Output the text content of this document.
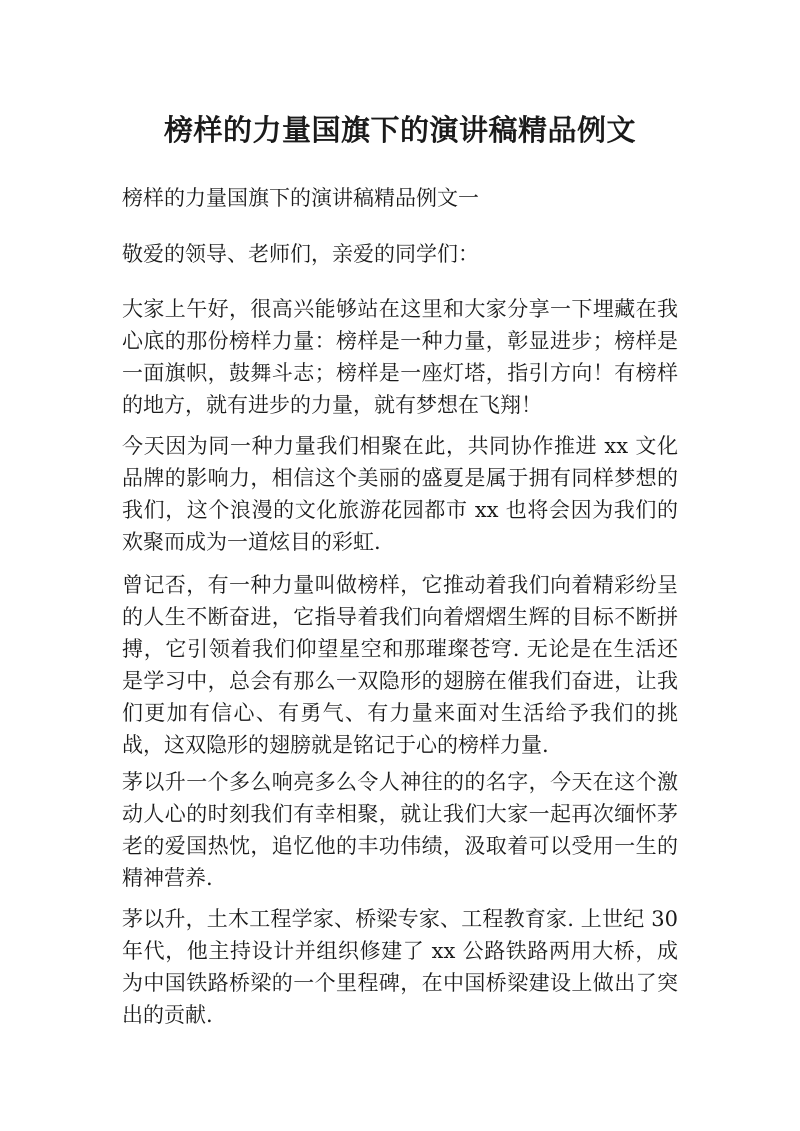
榜样的力量国旗下的演讲稿精品例文
榜样的力量国旗下的演讲稿精品例文一
敬爱的领导、老师们，亲爱的同学们：
大家上午好，很高兴能够站在这里和大家分享一下埋藏在我心底的那份榜样力量：榜样是一种力量，彰显进步；榜样是一面旗帜，鼓舞斗志；榜样是一座灯塔，指引方向！有榜样的地方，就有进步的力量，就有梦想在飞翔！
今天因为同一种力量我们相聚在此，共同协作推进 xx 文化品牌的影响力，相信这个美丽的盛夏是属于拥有同样梦想的我们，这个浪漫的文化旅游花园都市 xx 也将会因为我们的欢聚而成为一道炫目的彩虹.
曾记否，有一种力量叫做榜样，它推动着我们向着精彩纷呈的人生不断奋进，它指导着我们向着熠熠生辉的目标不断拼搏，它引领着我们仰望星空和那璀璨苍穹. 无论是在生活还是学习中，总会有那么一双隐形的翅膀在催我们奋进，让我们更加有信心、有勇气、有力量来面对生活给予我们的挑战，这双隐形的翅膀就是铭记于心的榜样力量.
茅以升一个多么响亮多么令人神往的的名字，今天在这个激动人心的时刻我们有幸相聚，就让我们大家一起再次缅怀茅老的爱国热忱，追忆他的丰功伟绩，汲取着可以受用一生的精神营养.
茅以升，土木工程学家、桥梁专家、工程教育家. 上世纪 30 年代，他主持设计并组织修建了 xx 公路铁路两用大桥，成为中国铁路桥梁的一个里程碑，在中国桥梁建设上做出了突出的贡献.
